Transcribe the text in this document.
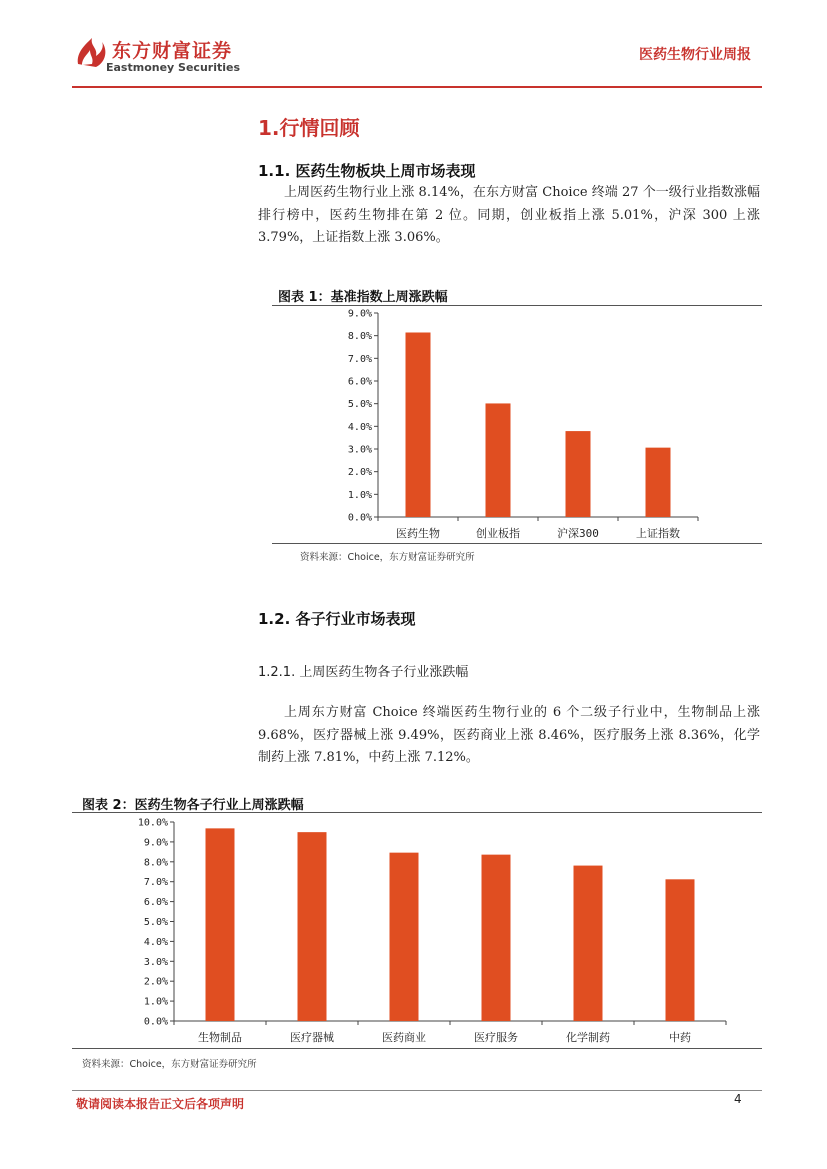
东方财富证券
Eastmoney Securities
医药生物行业周报
1.行情回顾
1.1. 医药生物板块上周市场表现

上周医药生物行业上涨 8.14%，在东方财富 Choice 终端 27 个一级行业指数涨幅排行榜中，医药生物排在第 2 位。同期，创业板指上涨 5.01%，沪深 300 上涨 3.79%，上证指数上涨 3.06%。

图表 1：基准指数上周涨跌幅
0.0%
1.0%
2.0%
3.0%
4.0%
5.0%
6.0%
7.0%
8.0%
9.0%
医药生物	创业板指	沪深300	上证指数
资料来源：Choice，东方财富证券研究所
1.2. 各子行业市场表现
1.2.1. 上周医药生物各子行业涨跌幅

上周东方财富 Choice 终端医药生物行业的 6 个二级子行业中，生物制品上涨 9.68%，医疗器械上涨 9.49%，医药商业上涨 8.46%，医疗服务上涨 8.36%，化学制药上涨 7.81%，中药上涨 7.12%。

图表 2：医药生物各子行业上周涨跌幅
0.0%
1.0%
2.0%
3.0%
4.0%
5.0%
6.0%
7.0%
8.0%
9.0%
10.0%
生物制品	医疗器械	医药商业	医疗服务	化学制药	中药
资料来源：Choice，东方财富证券研究所
敬请阅读本报告正文后各项声明	4
